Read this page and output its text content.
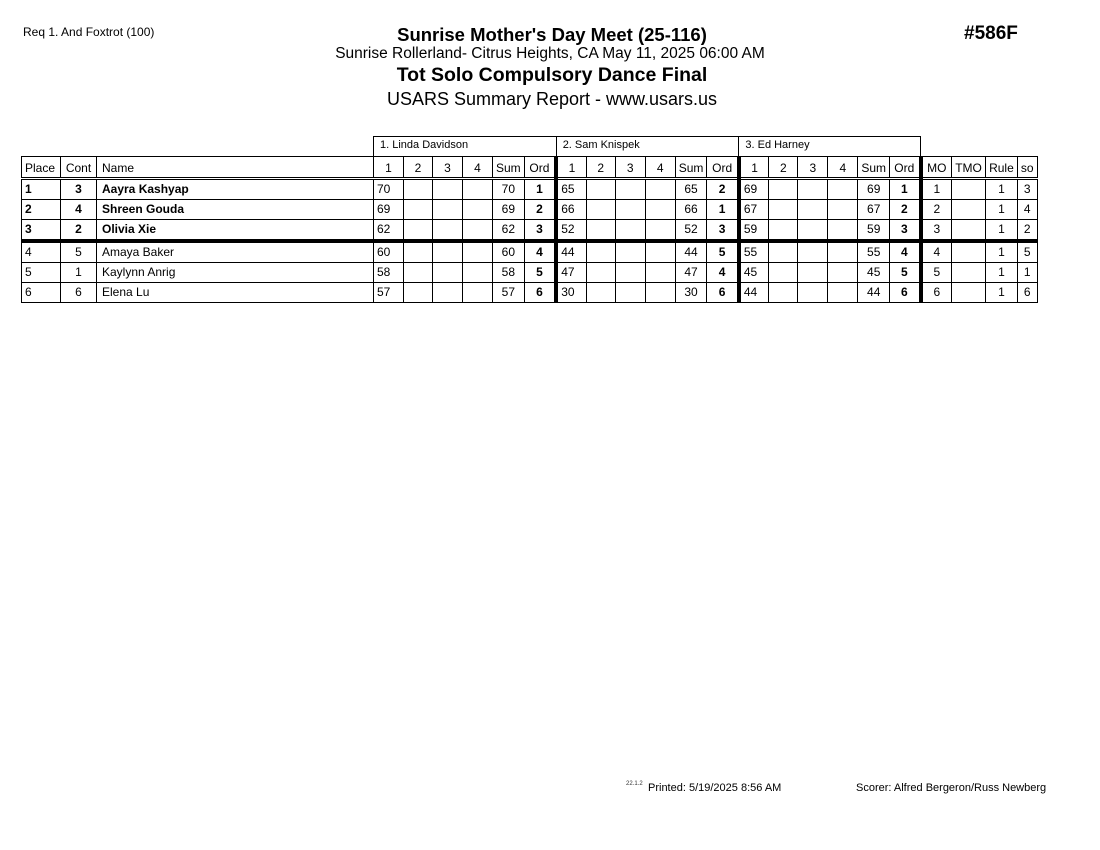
Req 1. And Foxtrot (100)	#586F
Sunrise Mother's Day Meet (25-116)
Sunrise Rollerland- Citrus Heights, CA May 11, 2025 06:00 AM
Tot Solo Compulsory Dance Final
USARS Summary Report - www.usars.us
			1. Linda Davidson						2. Sam Knispek						3. Ed Harney									
Place	Cont	Name	1	2	3	4	Sum	Ord	1	2	3	4	Sum	Ord	1	2	3	4	Sum	Ord	MO	TMO	Rule	so
1	3	Aayra Kashyap	70				70	1	65				65	2	69				69	1	1		1	3
2	4	Shreen Gouda	69				69	2	66				66	1	67				67	2	2		1	4
3	2	Olivia Xie	62				62	3	52				52	3	59				59	3	3		1	2
4	5	Amaya Baker	60				60	4	44				44	5	55				55	4	4		1	5
5	1	Kaylynn Anrig	58				58	5	47				47	4	45				45	5	5		1	1
6	6	Elena Lu	57				57	6	30				30	6	44				44	6	6		1	6
22.1.2 Printed: 5/19/2025 8:56 AM	Scorer: Alfred Bergeron/Russ Newberg
